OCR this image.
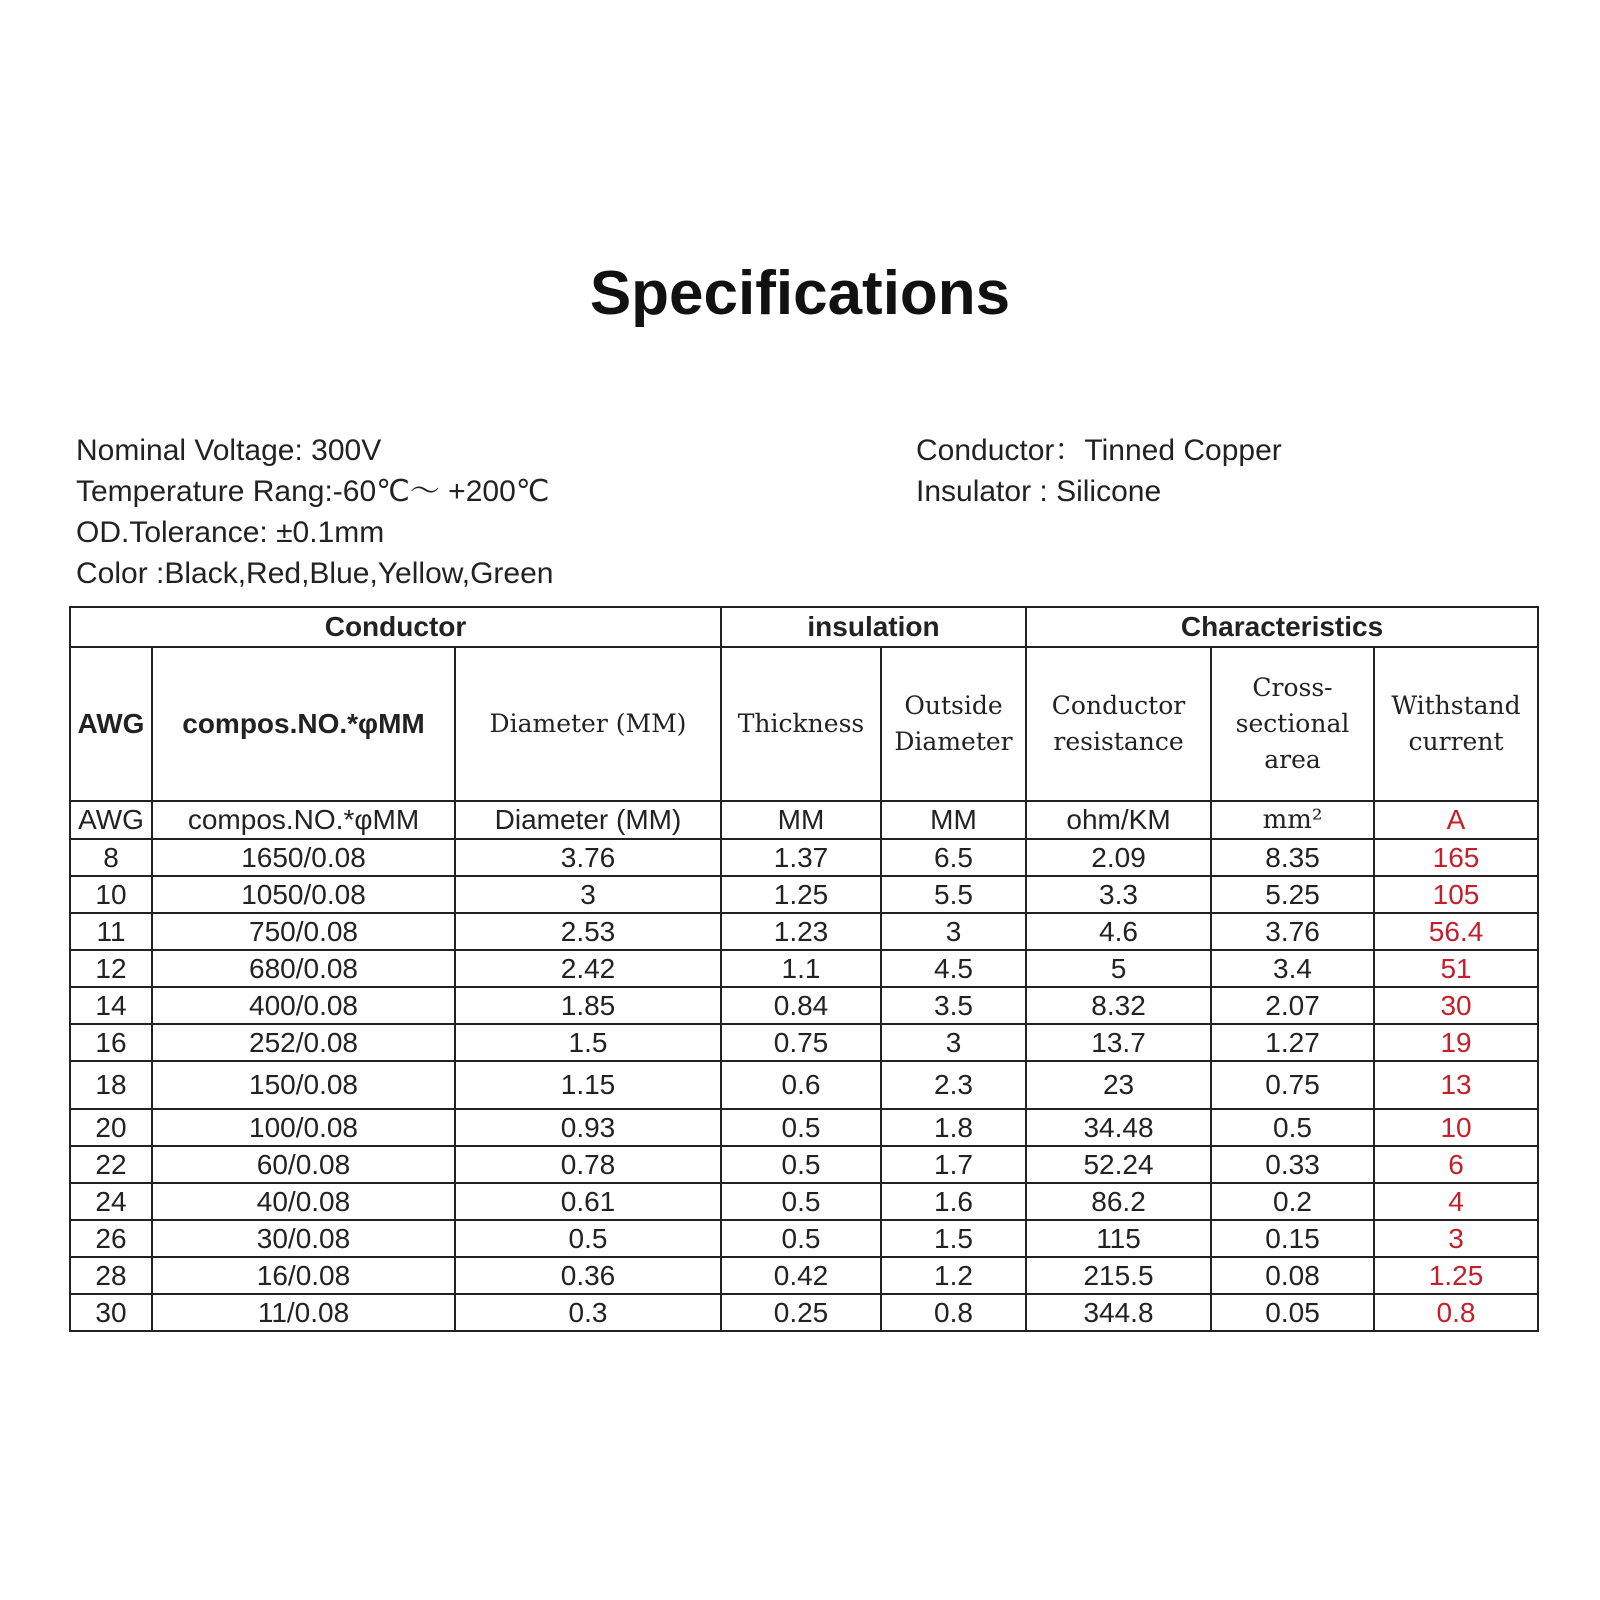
Specifications
Nominal Voltage: 300V
Temperature Rang:-60℃～ +200℃
OD.Tolerance: ±0.1mm
Color :Black,Red,Blue,Yellow,Green
Conductor：Tinned Copper
Insulator : Silicone
Conductor			insulation		Characteristics		
AWG	compos.NO.*φMM	Diameter (MM)	Thickness	Outside Diameter	Conductor resistance	Cross-sectional area	Withstand current
AWG	compos.NO.*φMM	Diameter (MM)	MM	MM	ohm/KM	mm²	A
8	1650/0.08	3.76	1.37	6.5	2.09	8.35	165
10	1050/0.08	3	1.25	5.5	3.3	5.25	105
11	750/0.08	2.53	1.23	3	4.6	3.76	56.4
12	680/0.08	2.42	1.1	4.5	5	3.4	51
14	400/0.08	1.85	0.84	3.5	8.32	2.07	30
16	252/0.08	1.5	0.75	3	13.7	1.27	19
18	150/0.08	1.15	0.6	2.3	23	0.75	13
20	100/0.08	0.93	0.5	1.8	34.48	0.5	10
22	60/0.08	0.78	0.5	1.7	52.24	0.33	6
24	40/0.08	0.61	0.5	1.6	86.2	0.2	4
26	30/0.08	0.5	0.5	1.5	115	0.15	3
28	16/0.08	0.36	0.42	1.2	215.5	0.08	1.25
30	11/0.08	0.3	0.25	0.8	344.8	0.05	0.8
